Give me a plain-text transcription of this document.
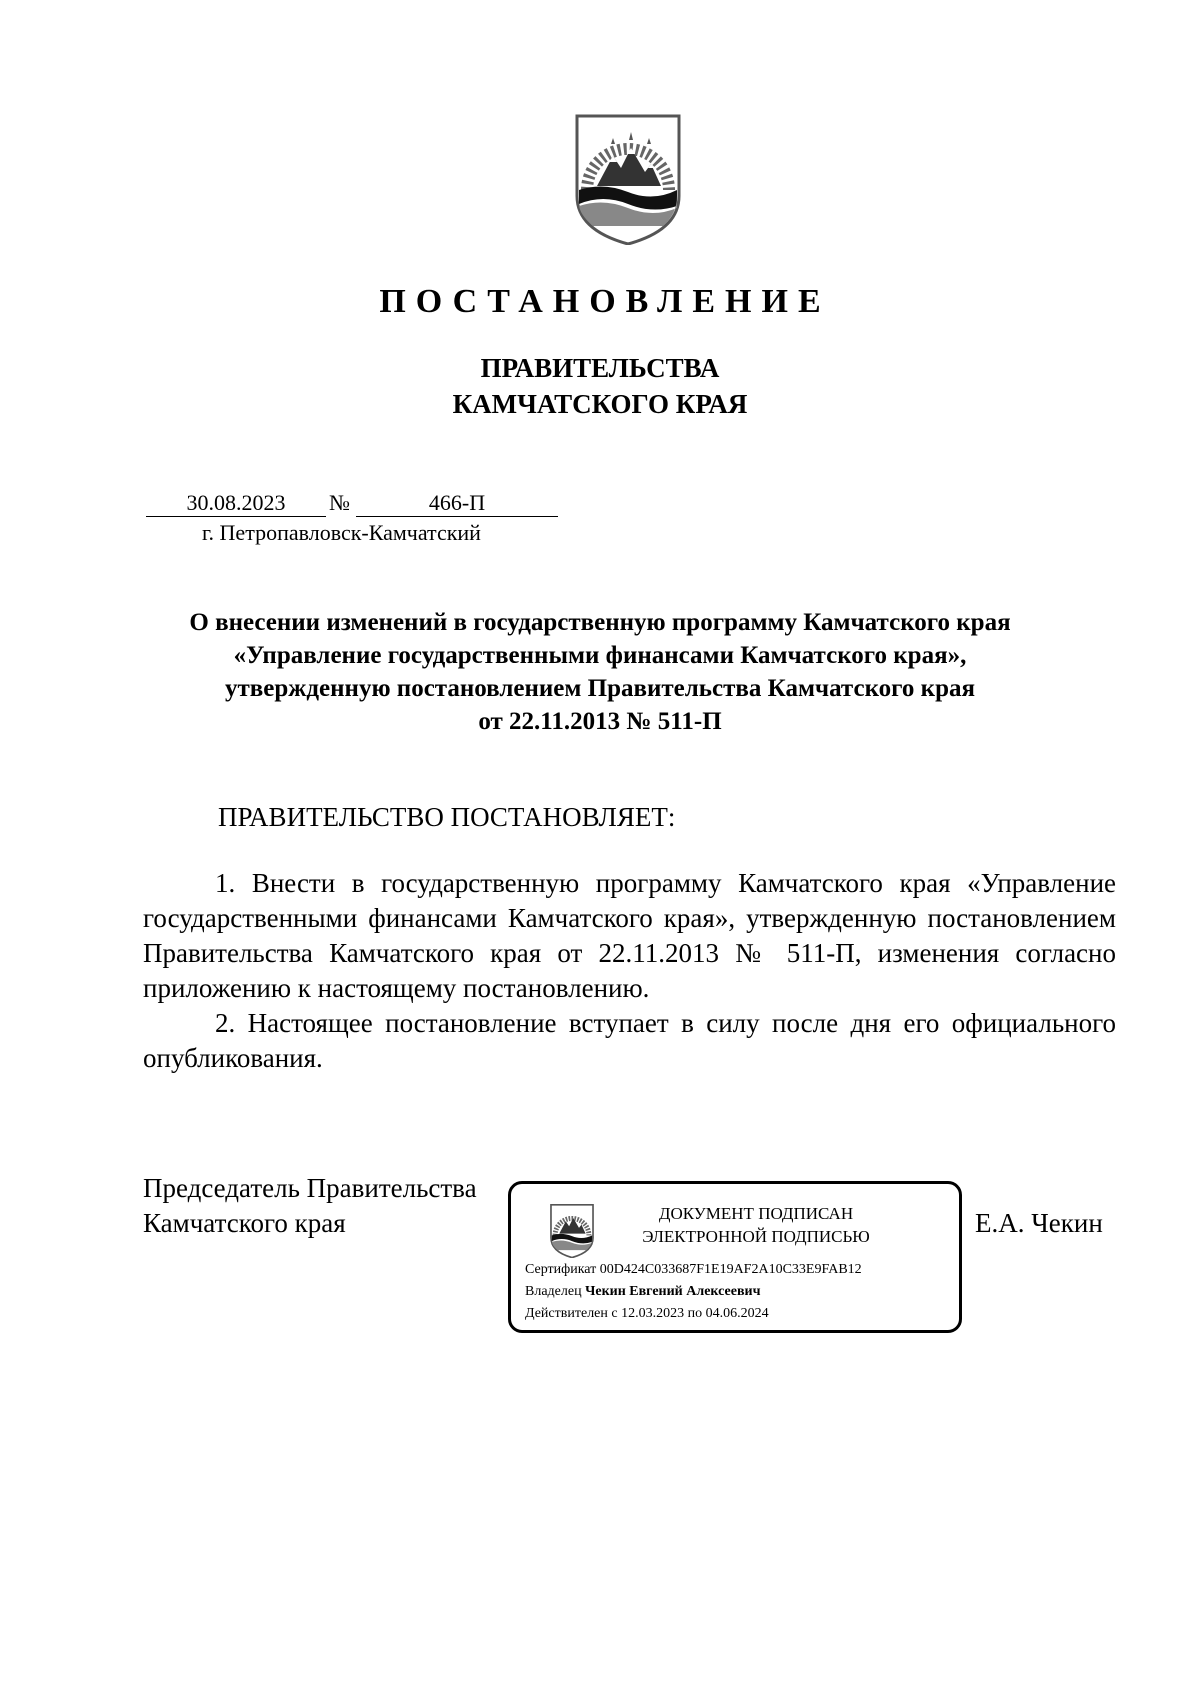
ПОСТАНОВЛЕНИЕ
ПРАВИТЕЛЬСТВА
КАМЧАТСКОГО КРАЯ
30.08.2023	№	466-П
г. Петропавловск-Камчатский
О внесении изменений в государственную программу Камчатского края
«Управление государственными финансами Камчатского края»,
утвержденную постановлением Правительства Камчатского края
от 22.11.2013 № 511-П
ПРАВИТЕЛЬСТВО ПОСТАНОВЛЯЕТ:

1. Внести в государственную программу Камчатского края «Управление государственными финансами Камчатского края», утвержденную постановлением Правительства Камчатского края от 22.11.2013 № 511-П, изменения согласно приложению к настоящему постановлению.

2. Настоящее постановление вступает в силу после дня его официального опубликования.

Председатель Правительства
Камчатского края	ДОКУМЕНТ ПОДПИСАН
ЭЛЕКТРОННОЙ ПОДПИСЬЮ
Сертификат 00D424C033687F1E19AF2A10C33E9FAB12
Владелец Чекин Евгений Алексеевич
Действителен с 12.03.2023 по 04.06.2024
Е.А. Чекин
